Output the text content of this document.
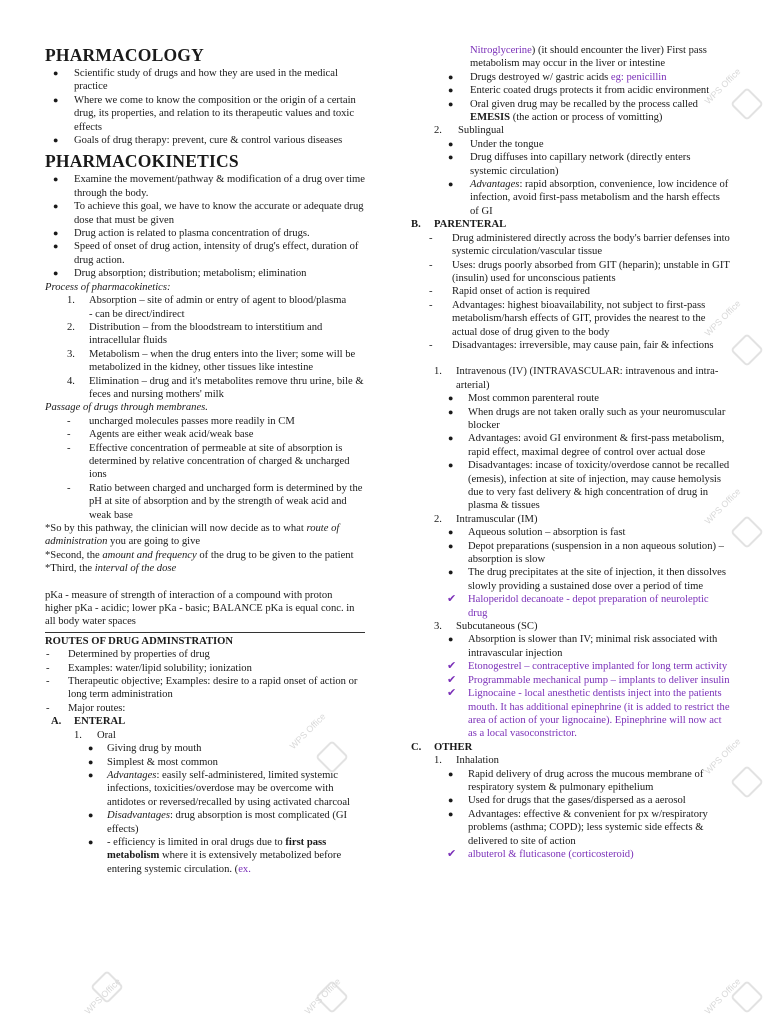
PHARMACOLOGY
● Scientific study of drugs and how they are used in the medical practice
● Where we come to know the composition or the origin of a certain drug, its properties, and relation to its therapeutic values and toxic effects
● Goals of drug therapy: prevent, cure & control various diseases
PHARMACOKINETICS
● Examine the movement/pathway & modification of a drug over time through the body.
● To achieve this goal, we have to know the accurate or adequate drug dose that must be given
● Drug action is related to plasma concentration of drugs.
● Speed of onset of drug action, intensity of drug's effect, duration of drug action.
● Drug absorption; distribution; metabolism; elimination
Process of pharmacokinetics:
1. Absorption – site of admin or entry of agent to blood/plasma
- can be direct/indirect
2. Distribution – from the bloodstream to interstitium and intracellular fluids
3. Metabolism – when the drug enters into the liver; some will be metabolized in the kidney, other tissues like intestine
4. Elimination – drug and it's metabolites remove thru urine, bile & feces and nursing mothers' milk
Passage of drugs through membranes.
- uncharged molecules passes more readily in CM
- Agents are either weak acid/weak base
- Effective concentration of permeable at site of absorption is determined by relative concentration of charged & uncharged ions
- Ratio between charged and uncharged form is determined by the pH at site of absorption and by the strength of weak acid and weak base
*So by this pathway, the clinician will now decide as to what route of administration you are going to give
*Second, the amount and frequency of the drug to be given to the patient
*Third, the interval of the dose
pKa - measure of strength of interaction of a compound with proton
higher pKa - acidic; lower pKa - basic; BALANCE pKa is equal conc. in all body water spaces
ROUTES OF DRUG ADMINSTRATION
- Determined by properties of drug
- Examples: water/lipid solubility; ionization
- Therapeutic objective; Examples: desire to a rapid onset of action or long term administration
- Major routes:
A. ENTERAL
1. Oral
● Giving drug by mouth
● Simplest & most common
● Advantages: easily self-administered, limited systemic infections, toxicities/overdose may be overcome with antidotes or reversed/recalled by using activated charcoal
● Disadvantages: drug absorption is most complicated (GI effects)
● - efficiency is limited in oral drugs due to first pass metabolism where it is extensively metabolized before entering systemic circulation. (ex.
Nitroglycerine) (it should encounter the liver) First pass metabolism may occur in the liver or intestine
● Drugs destroyed w/ gastric acids eg: penicillin
● Enteric coated drugs protects it from acidic environment
● Oral given drug may be recalled by the process called EMESIS (the action or process of vomitting)
2. Sublingual
● Under the tongue
● Drug diffuses into capillary network (directly enters systemic circulation)
● Advantages: rapid absorption, convenience, low incidence of infection, avoid first-pass metabolism and the harsh effects of GI
B. PARENTERAL
- Drug administered directly across the body's barrier defenses into systemic circulation/vascular tissue
- Uses: drugs poorly absorbed from GIT (heparin); unstable in GIT (insulin) used for unconscious patients
- Rapid onset of action is required
- Advantages: highest bioavailability, not subject to first-pass metabolism/harsh effects of GIT, provides the nearest to the actual dose of drug given to the body
- Disadvantages: irreversible, may cause pain, fair & infections
1. Intravenous (IV) (INTRAVASCULAR: intravenous and intra-arterial)
● Most common parenteral route
● When drugs are not taken orally such as your neuromuscular blocker
● Advantages: avoid GI environment & first-pass metabolism, rapid effect, maximal degree of control over actual dose
● Disadvantages: incase of toxicity/overdose cannot be recalled (emesis), infection at site of injection, may cause hemolysis due to very fast delivery & high concentration of drug in plasma & tissues
2. Intramuscular (IM)
● Aqueous solution – absorption is fast
● Depot preparations (suspension in a non aqueous solution) – absorption is slow
● The drug precipitates at the site of injection, it then dissolves slowly providing a sustained dose over a period of time
✔ Haloperidol decanoate - depot preparation of neuroleptic drug
3. Subcutaneous (SC)
● Absorption is slower than IV; minimal risk associated with intravascular injection
✔ Etonogestrel – contraceptive implanted for long term activity
✔ Programmable mechanical pump – implants to deliver insulin
✔ Lignocaine - local anesthetic dentists inject into the patients mouth. It has additional epinephrine (it is added to restrict the area of action of your lignocaine). Epinephrine will now act as a local vasoconstrictor.
C. OTHER
1. Inhalation
● Rapid delivery of drug across the mucous membrane of respiratory system & pulmonary epithelium
● Used for drugs that the gases/dispersed as a aerosol
● Advantages: effective & convenient for px w/respiratory problems (asthma; COPD); less systemic side effects & delivered to site of action
✔ albuterol & fluticasone (corticosteroid)
WPS Office
WPS Office
WPS Office
WPS Office
WPS Office
WPS Office	WPS Office
WPS Office
